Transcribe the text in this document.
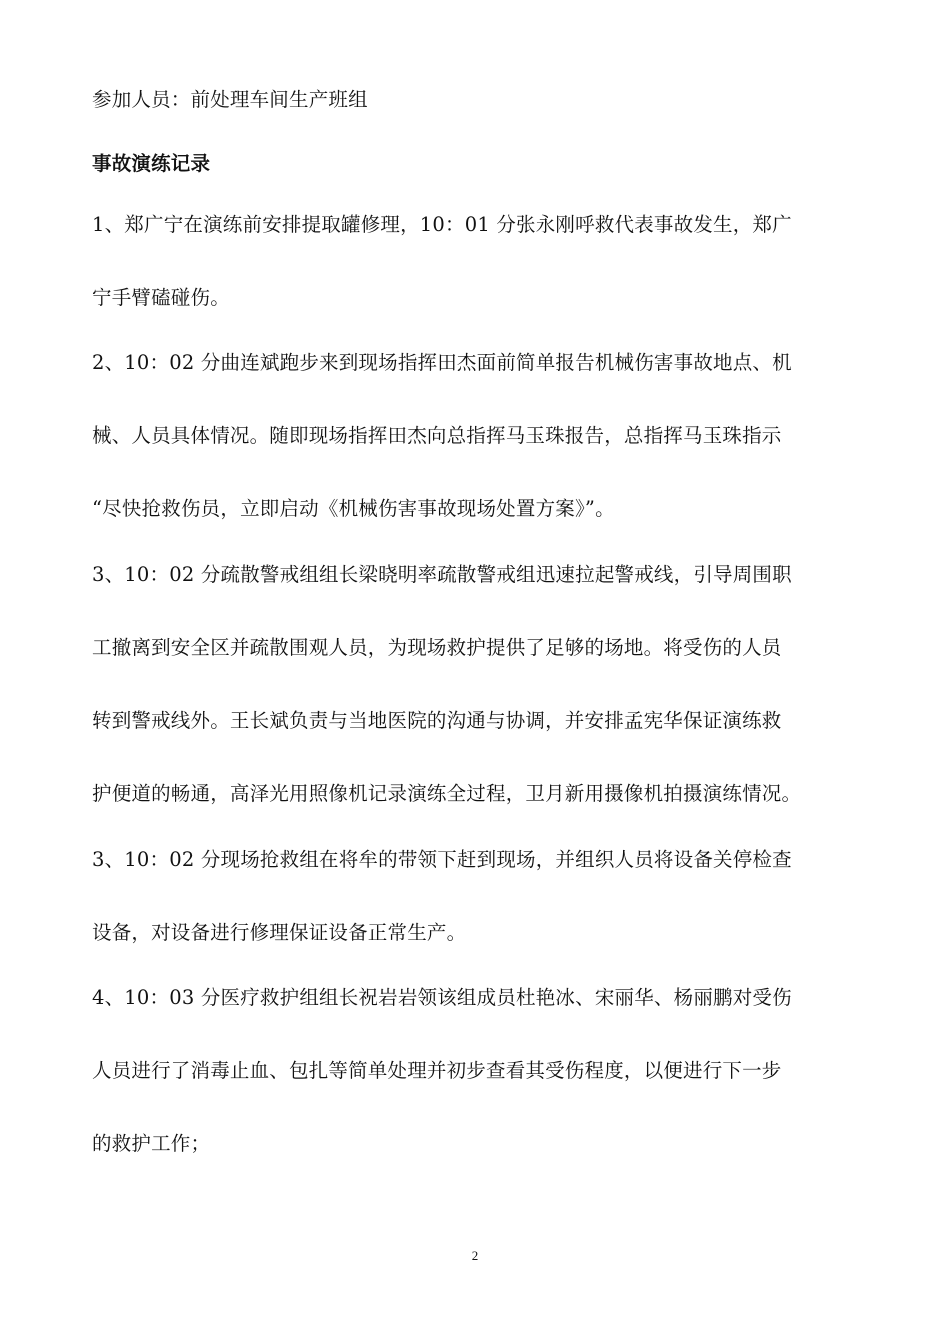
参加人员：前处理车间生产班组
事故演练记录
1、郑广宁在演练前安排提取罐修理，10：01 分张永刚呼救代表事故发生，郑广
宁手臂磕碰伤。
2、10：02 分曲连斌跑步来到现场指挥田杰面前简单报告机械伤害事故地点、机
械、人员具体情况。随即现场指挥田杰向总指挥马玉珠报告，总指挥马玉珠指示
“尽快抢救伤员，立即启动《机械伤害事故现场处置方案》”。
3、10：02 分疏散警戒组组长梁晓明率疏散警戒组迅速拉起警戒线，引导周围职
工撤离到安全区并疏散围观人员，为现场救护提供了足够的场地。将受伤的人员
转到警戒线外。王长斌负责与当地医院的沟通与协调，并安排孟宪华保证演练救
护便道的畅通，高泽光用照像机记录演练全过程，卫月新用摄像机拍摄演练情况。
3、10：02 分现场抢救组在将牟的带领下赶到现场，并组织人员将设备关停检查
设备，对设备进行修理保证设备正常生产。
4、10：03 分医疗救护组组长祝岩岩领该组成员杜艳冰、宋丽华、杨丽鹏对受伤
人员进行了消毒止血、包扎等简单处理并初步查看其受伤程度，以便进行下一步
的救护工作；
2
